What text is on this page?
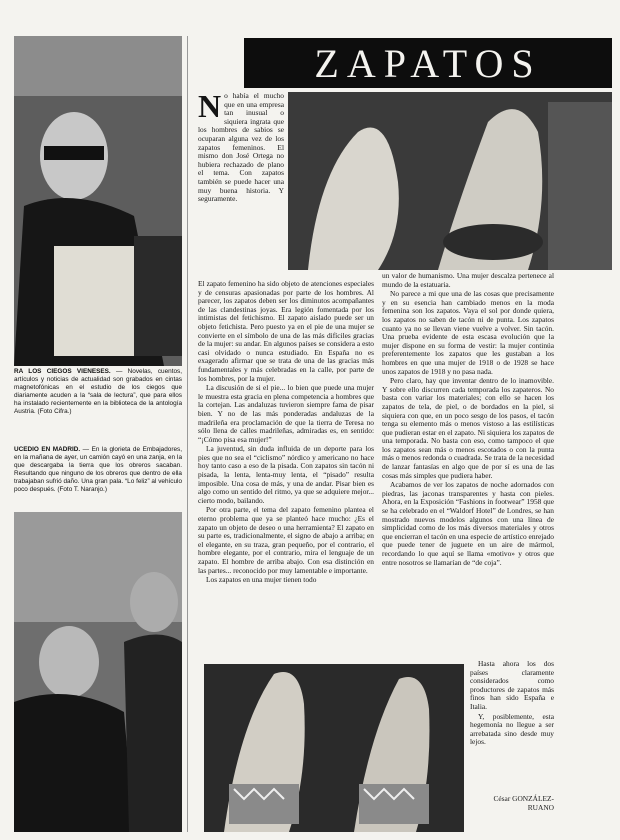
RA LOS CIEGOS VIENESES. — Novelas, cuentos, artículos y noticias de actualidad son grabados en cintas magnetofónicas en el estudio de los ciegos que diariamente acuden a la “sala de lectura”, que para ellos ha instalado recientemente en la biblioteca de la antología Austria. (Foto Cifra.)
UCEDIO EN MADRID. — En la glorieta de Embajadores, en la mañana de ayer, un camión cayó en una zanja, en la que descargaba la tierra que los obreros sacaban. Resultando que ninguno de los obreros que dentro de ella trabajaban sufrió daño. Una gran pala. “Lo feliz” al vehículo poco después. (Foto T. Naranjo.)
ZAPATOS
N o había el mucho que en una empresa tan inusual o siquiera ingrata que los hombres de sabios se ocuparan alguna vez de los zapatos femeninos. El mismo don José Ortega no hubiera rechazado de plano el tema. Con zapatos también se puede hacer una muy buena historia. Y seguramente.

El zapato femenino ha sido objeto de atenciones especiales y de censuras apasionadas por parte de los hombres. Al parecer, los zapatos deben ser los diminutos acompañantes de las clandestinas joyas. Era legión fomentada por los intimistas del fetichismo. El zapato aislado puede ser un objeto fetichista. Pero puesto ya en el pie de una mujer se convierte en el símbolo de una de las más difíciles gracias de la mujer: su andar. En algunos países se considera a esto casi olvidado o nunca estudiado. En España no es exagerado afirmar que se trata de una de las gracias más fundamentales y más celebradas en la calle, por parte de los hombres, por la mujer.

La discusión de si el pie... lo bien que puede una mujer le muestra esta gracia en plena competencia a hombres que la cortejan. Las andaluzas tuvieron siempre fama de pisar bien. Y no de las más ponderadas andaluzas de la madrileña era proclamación de que la tierra de Teresa no sólo llena de calles madrileñas, admiradas es, en sentido: “¡Cómo pisa esa mujer!”

La juventud, sin duda influida de un deporte para los pies que no sea el “ciclismo” nórdico y americano no hace hoy tanto caso a eso de la pisada. Con zapatos sin tacón ni pisada, la lenta, lenta-muy lenta, el “pisado” resulta imposible. Una cosa de más, y una de andar. Pisar bien es algo como un sentido del ritmo, ya que se adquiere mejor... cierto modo, bailando.

Por otra parte, el tema del zapato femenino plantea el eterno problema que ya se planteó hace mucho: ¿Es el zapato un objeto de deseo o una herramienta? El zapato en su parte es, tradicionalmente, el signo de abajo a arriba; en el elegante, en su traza, gran pequeño, por el contrario, el hombre elegante, por el contrario, mira el lenguaje de un zapato. El hombre de arriba abajo. Con esa distinción en las partes... reconocido por muy lamentable e importante.

Los zapatos en una mujer tienen todo

un valor de humanismo. Una mujer descalza pertenece al mundo de la estatuaria.

No parece a mi que una de las cosas que precisamente y en su esencia han cambiado menos en la moda femenina son los zapatos. Vaya el sol por donde quiera, los zapatos no saben de tacón ni de punta. Los zapatos cuanto ya no se llevan viene vuelve a volver. Sin tacón. Una prueba evidente de esta escasa evolución que la mujer dispone en su forma de vestir: la mujer continúa preferentemente los zapatos que les gustaban a los hombres en que una mujer de 1918 o de 1928 se hace unos zapatos de 1918 y no pasa nada.

Pero claro, hay que inventar dentro de lo inamovible. Y sobre ello discurren cada temporada los zapateros. No basta con variar los materiales; con ello se hacen los zapatos de tela, de piel, o de bordados en la piel, si siquiera con que, en un poco sesgo de los pasos, el tacón tenga su elemento más o menos vistoso a las estilísticas que pudieran estar en el zapato. Ni siquiera los zapatos de una temporada. No basta con eso, como tampoco el que los zapatos sean más o menos escotados o con la punta más o menos redonda o cuadrada. Se trata de la necesidad de lanzar fantasías en algo que de por sí es una de las cosas más simples que pudiera haber.

Acabamos de ver los zapatos de noche adornados con piedras, las jaconas transparentes y hasta con pieles. Ahora, en la Exposición “Fashions in footwear” 1958 que se ha celebrado en el “Waldorf Hotel” de Londres, se han mostrado nuevos modelos algunos con una línea de simplicidad como de los más diversos materiales y otros que encierran el tacón en una especie de artístico enrejado que puede tener de juguete en un aire de mármol, recordando lo que aquí se llama «motivo» y otros que entre nosotros se llamarían de “de coja”.

Hasta ahora los dos países claramente considerados como productores de zapatos más finos han sido España e Italia.

Y, posiblemente, esta hegemonía no llegue a ser arrebatada sino desde muy lejos.

César GONZÁLEZ-RUANO
